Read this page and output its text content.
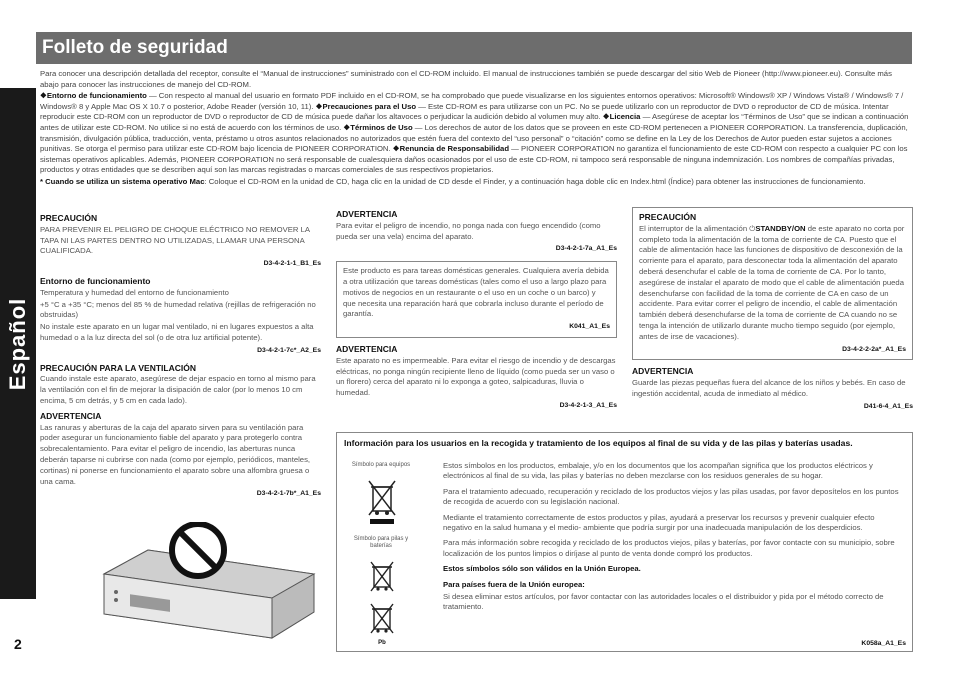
Español
Folleto de seguridad

Para conocer una descripción detallada del receptor, consulte el “Manual de instrucciones” suministrado con el CD-ROM incluido. El manual de instrucciones también se puede descargar del sitio Web de Pioneer (http://www.pioneer.eu). Consulte más abajo para conocer las instrucciones de manejo del CD-ROM.

❖Entorno de funcionamiento — Con respecto al manual del usuario en formato PDF incluido en el CD-ROM, se ha comprobado que puede visualizarse en los siguientes entornos operativos: Microsoft® Windows® XP / Windows Vista® / Windows® 7 / Windows® 8 y Apple Mac OS X 10.7 o posterior, Adobe Reader (versión 10, 11). ❖Precauciones para el Uso — Este CD-ROM es para utilizarse con un PC. No se puede utilizarlo con un reproductor de DVD o reproductor de CD de música. Intentar reproducir este CD-ROM con un reproductor de DVD o reproductor de CD de música puede dañar los altavoces o perjudicar la audición debido al volumen muy alto. ❖Licencia — Asegúrese de aceptar los “Términos de Uso” que se indican a continuación antes de utilizar este CD-ROM. No utilice si no está de acuerdo con los términos de uso. ❖Términos de Uso — Los derechos de autor de los datos que se proveen en este CD-ROM pertenecen a PIONEER CORPORATION. La transferencia, duplicación, transmisión, divulgación pública, traducción, venta, préstamo u otros asuntos relacionados no autorizados que estén fuera del contexto del “uso personal” o “citación” como se define en la Ley de los Derechos de Autor pueden estar sujetos a acciones punitivas. Se otorga el permiso para utilizar este CD-ROM bajo licencia de PIONEER CORPORATION. ❖Renuncia de Responsabilidad — PIONEER CORPORATION no garantiza el funcionamiento de este CD-ROM con respecto a cualquier PC con los sistemas operativos aplicables. Además, PIONEER CORPORATION no será responsable de cualesquiera daños ocasionados por el uso de este CD-ROM, ni tampoco será responsable de ninguna indemnización. Los nombres de compañías privadas, productos y otras entidades que se describen aquí son las marcas registradas o marcas comerciales de sus respectivos propietarios.

* Cuando se utiliza un sistema operativo Mac: Coloque el CD-ROM en la unidad de CD, haga clic en la unidad de CD desde el Finder, y a continuación haga doble clic en Index.html (Índice) para obtener las instrucciones de funcionamiento.

PRECAUCIÓN

PARA PREVENIR EL PELIGRO DE CHOQUE ELÉCTRICO NO REMOVER LA TAPA NI LAS PARTES DENTRO NO UTILIZADAS, LLAMAR UNA PERSONA CUALIFICADA.

D3-4-2-1-1_B1_Es
Entorno de funcionamiento

Temperatura y humedad del entorno de funcionamiento

+5 °C a +35 °C; menos del 85 % de humedad relativa (rejillas de refrigeración no obstruidas)

No instale este aparato en un lugar mal ventilado, ni en lugares expuestos a alta humedad o a la luz directa del sol (o de otra luz artificial potente).

D3-4-2-1-7c*_A2_Es
PRECAUCIÓN PARA LA VENTILACIÓN

Cuando instale este aparato, asegúrese de dejar espacio en torno al mismo para la ventilación con el fin de mejorar la disipación de calor (por lo menos 10 cm encima, 5 cm detrás, y 5 cm en cada lado).

ADVERTENCIA

Las ranuras y aberturas de la caja del aparato sirven para su ventilación para poder asegurar un funcionamiento fiable del aparato y para protegerlo contra sobrecalentamiento. Para evitar el peligro de incendio, las aberturas nunca deberán taparse ni cubrirse con nada (como por ejemplo, periódicos, manteles, cortinas) ni ponerse en funcionamiento el aparato sobre una alfombra gruesa o una cama.

D3-4-2-1-7b*_A1_Es
ADVERTENCIA

Para evitar el peligro de incendio, no ponga nada con fuego encendido (como pueda ser una vela) encima del aparato.

D3-4-2-1-7a_A1_Es

Este producto es para tareas domésticas generales. Cualquiera avería debida a otra utilización que tareas domésticas (tales como el uso a largo plazo para motivos de negocios en un restaurante o el uso en un coche o un barco) y que necesita una reparación hará que cobrarla incluso durante el período de garantía.

K041_A1_Es
ADVERTENCIA

Este aparato no es impermeable. Para evitar el riesgo de incendio y de descargas eléctricas, no ponga ningún recipiente lleno de líquido (como pueda ser un vaso o un florero) cerca del aparato ni lo exponga a goteo, salpicaduras, lluvia o humedad.

D3-4-2-1-3_A1_Es
PRECAUCIÓN

El interruptor de la alimentación ⏻STANDBY/ON de este aparato no corta por completo toda la alimentación de la toma de corriente de CA. Puesto que el cable de alimentación hace las funciones de dispositivo de desconexión de la corriente para el aparato, para desconectar toda la alimentación del aparato deberá desenchufar el cable de la toma de corriente de CA. Por lo tanto, asegúrese de instalar el aparato de modo que el cable de alimentación pueda desenchufarse con facilidad de la toma de corriente de CA en caso de un accidente. Para evitar correr el peligro de incendio, el cable de alimentación también deberá desenchufarse de la toma de corriente de CA cuando no se tenga la intención de utilizarlo durante mucho tiempo seguido (por ejemplo, antes de irse de vacaciones).

D3-4-2-2-2a*_A1_Es
ADVERTENCIA

Guarde las piezas pequeñas fuera del alcance de los niños y bebés. En caso de ingestión accidental, acuda de inmediato al médico.

D41-6-4_A1_Es
Información para los usuarios en la recogida y tratamiento de los equipos al final de su vida y de las pilas y baterías usadas.
Símbolo para equipos
Símbolo para pilas y baterías
Pb

Estos símbolos en los productos, embalaje, y/o en los documentos que los acompañan significa que los productos eléctricos y electrónicos al final de su vida, las pilas y baterías no deben mezclarse con los residuos generales de su hogar.

Para el tratamiento adecuado, recuperación y reciclado de los productos viejos y las pilas usadas, por favor deposítelos en los puntos de recogida de acuerdo con su legislación nacional.

Mediante el tratamiento correctamente de estos productos y pilas, ayudará a preservar los recursos y prevenir cualquier efecto negativo en la salud humana y el medio- ambiente que podría surgir por una inadecuada manipulación de los desperdicios.

Para más información sobre recogida y reciclado de los productos viejos, pilas y baterías, por favor contacte con su municipio, sobre localización de los puntos limpios o diríjase al punto de venta donde compró los productos.

Estos símbolos sólo son válidos en la Unión Europea.

Para países fuera de la Unión europea:

Si desea eliminar estos artículos, por favor contactar con las autoridades locales o el distribuidor y pida por el método correcto de tratamiento.

K058a_A1_Es
2
